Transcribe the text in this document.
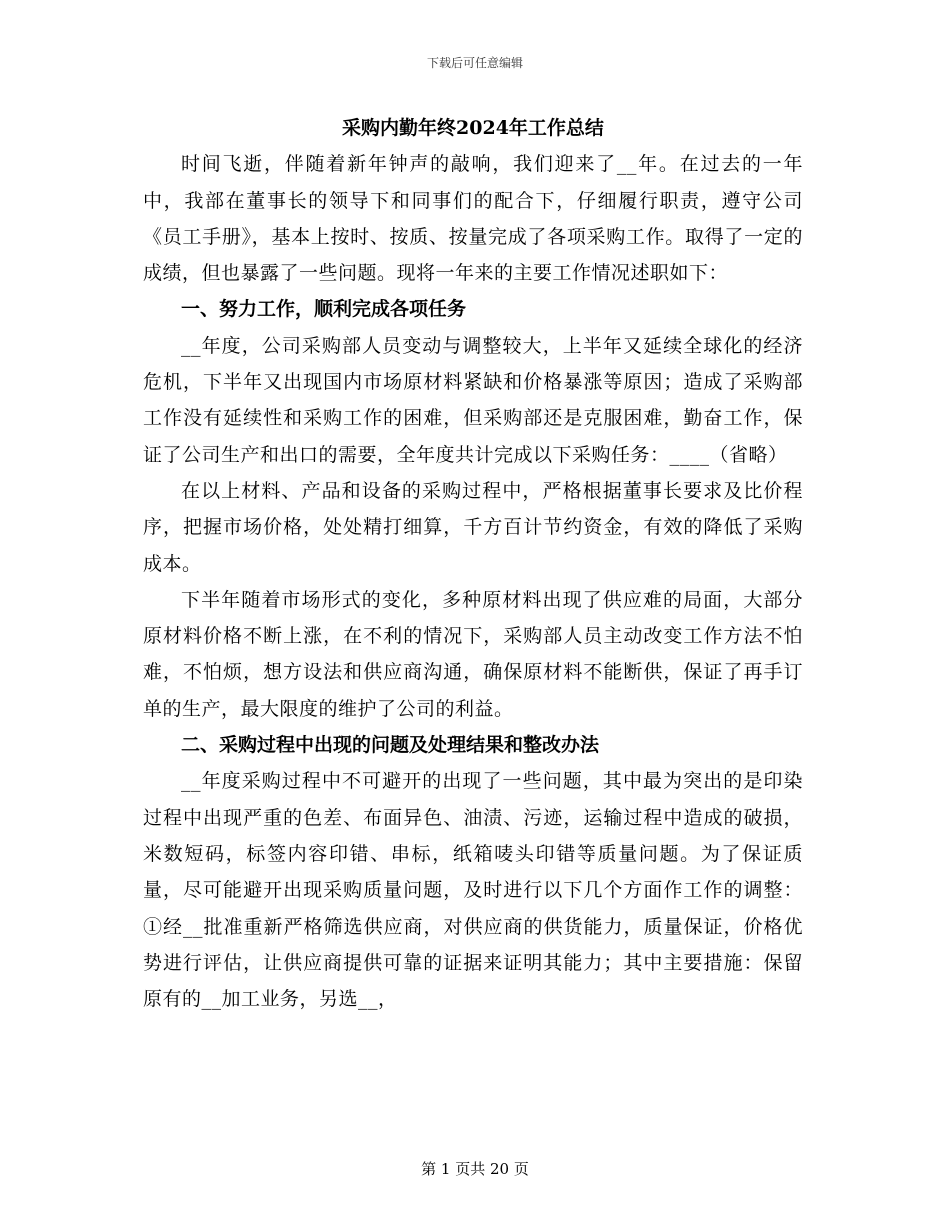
下载后可任意编辑
采购内勤年终2024年工作总结

时间飞逝，伴随着新年钟声的敲响，我们迎来了__年。在过去的一年中，我部在董事长的领导下和同事们的配合下，仔细履行职责，遵守公司《员工手册》，基本上按时、按质、按量完成了各项采购工作。取得了一定的成绩，但也暴露了一些问题。现将一年来的主要工作情况述职如下：

一、努力工作，顺利完成各项任务

__年度，公司采购部人员变动与调整较大，上半年又延续全球化的经济危机，下半年又出现国内市场原材料紧缺和价格暴涨等原因；造成了采购部工作没有延续性和采购工作的困难，但采购部还是克服困难，勤奋工作，保证了公司生产和出口的需要，全年度共计完成以下采购任务：____（省略）

在以上材料、产品和设备的采购过程中，严格根据董事长要求及比价程序，把握市场价格，处处精打细算，千方百计节约资金，有效的降低了采购成本。

下半年随着市场形式的变化，多种原材料出现了供应难的局面，大部分原材料价格不断上涨，在不利的情况下，采购部人员主动改变工作方法不怕难，不怕烦，想方设法和供应商沟通，确保原材料不能断供，保证了再手订单的生产，最大限度的维护了公司的利益。

二、采购过程中出现的问题及处理结果和整改办法

__年度采购过程中不可避开的出现了一些问题，其中最为突出的是印染过程中出现严重的色差、布面异色、油渍、污迹，运输过程中造成的破损，米数短码，标签内容印错、串标，纸箱唛头印错等质量问题。为了保证质量，尽可能避开出现采购质量问题，及时进行以下几个方面作工作的调整：①经__批准重新严格筛选供应商，对供应商的供货能力，质量保证，价格优势进行评估，让供应商提供可靠的证据来证明其能力；其中主要措施：保留原有的__加工业务，另选__，

第 1 页共 20 页
